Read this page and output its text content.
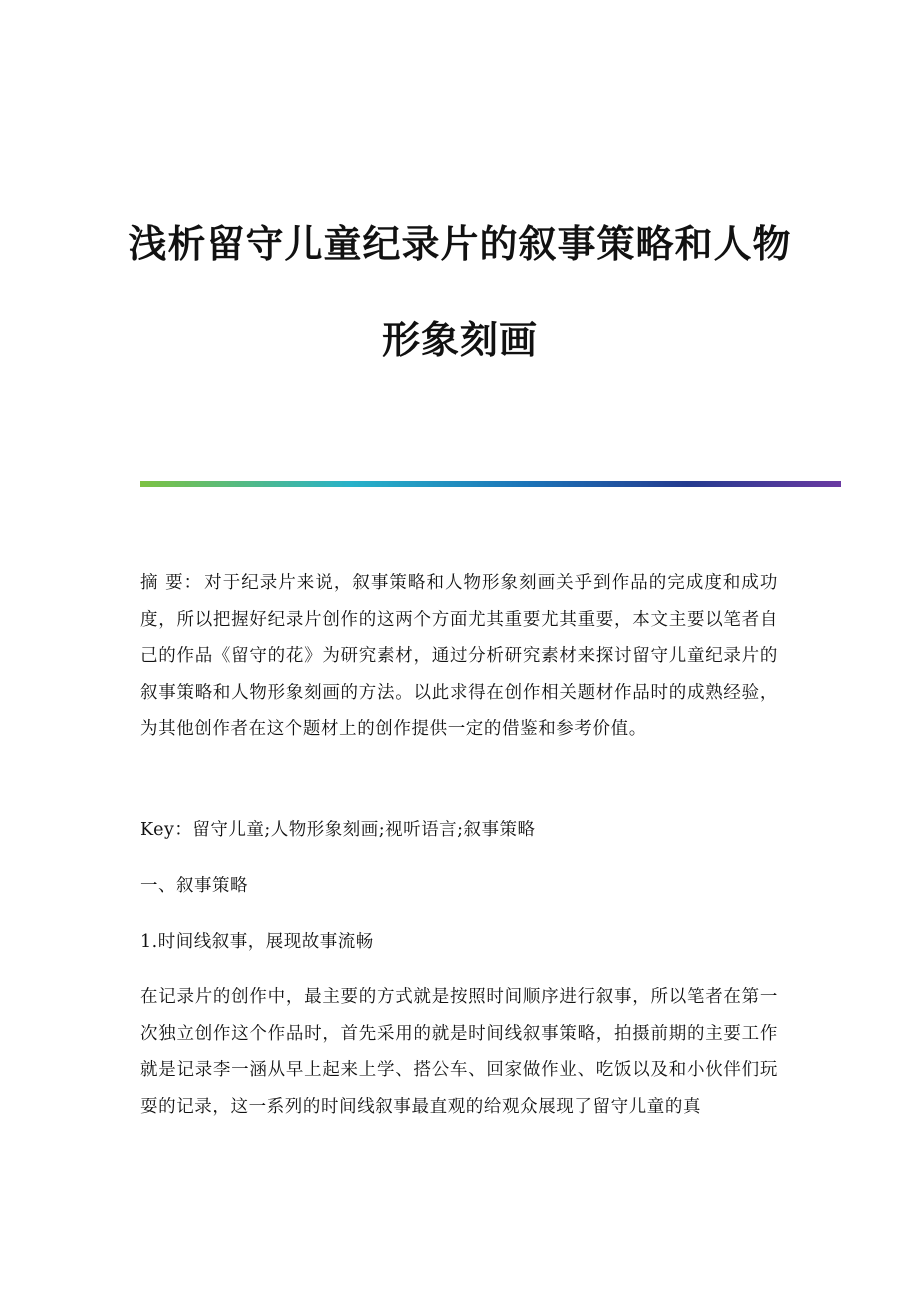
浅析留守儿童纪录片的叙事策略和人物
形象刻画
摘 要： 对于纪录片来说，叙事策略和人物形象刻画关乎到作品的完成度和成功度，所以把握好纪录片创作的这两个方面尤其重要尤其重要，本文主要以笔者自己的作品《留守的花》为研究素材，通过分析研究素材来探讨留守儿童纪录片的叙事策略和人物形象刻画的方法。以此求得在创作相关题材作品时的成熟经验，为其他创作者在这个题材上的创作提供一定的借鉴和参考价值。
Key：留守儿童;人物形象刻画;视听语言;叙事策略
一、叙事策略
1.时间线叙事，展现故事流畅
在记录片的创作中，最主要的方式就是按照时间顺序进行叙事，所以笔者在第一次独立创作这个作品时，首先采用的就是时间线叙事策略，拍摄前期的主要工作就是记录李一涵从早上起来上学、搭公车、回家做作业、吃饭以及和小伙伴们玩耍的记录，这一系列的时间线叙事最直观的给观众展现了留守儿童的真
